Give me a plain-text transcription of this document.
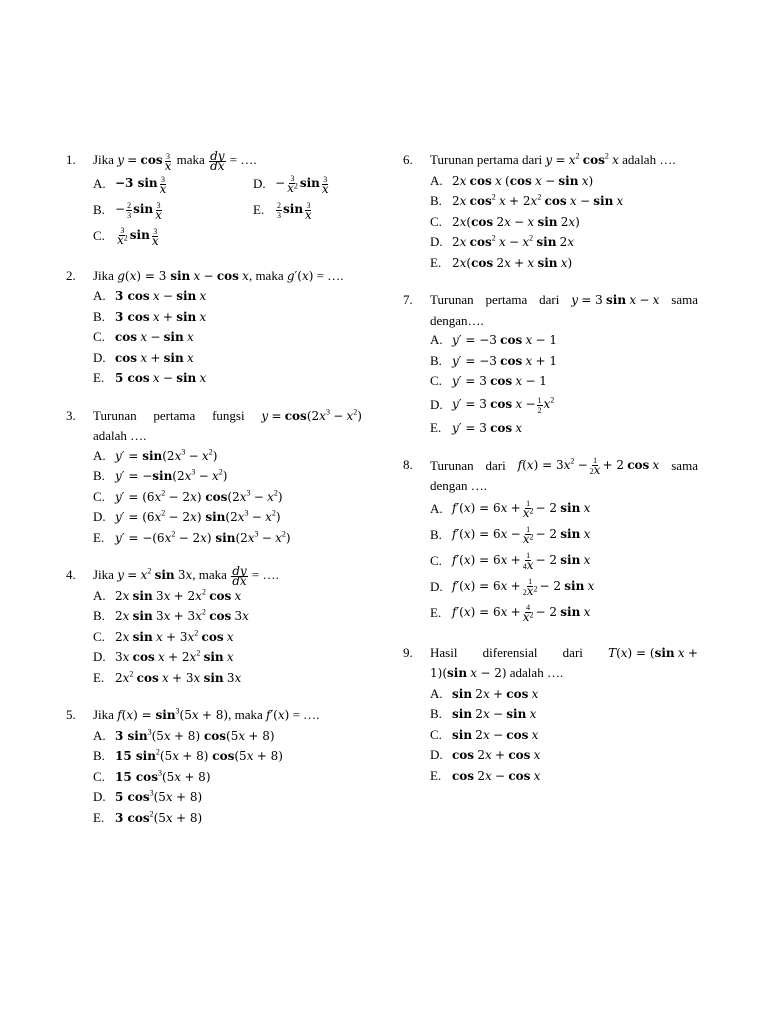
1.	Jika y = cos 3
x maka $\frac{dy}{dx}$ = ….
A. −3 sin 3
x	D. − $\frac{3}{x^2}$ sin 3
x
B. − $\frac{2}{3}$ sin 3
x	E.	$\frac{2}{3}$ sin 3
x
C.	$\frac{3}{x^2}$ sin 3
x
2.	Jika g(x) = 3 sin x − cos x, maka g′(x) = ….
A. 3 cos x − sin x
B. 3 cos x + sin x
C. cos x − sin x
D. cos x + sin x
E. 5 cos x − sin x
3.	Turunan pertama fungsi $y = \cos(2x^3 - x^2)$
adalah ….
A. $y' = \sin(2x^3 - x^2)$
B. $y' = -\sin(2x^3 - x^2)$
C. $y' = (6x^2 - 2x) \cos(2x^3 - x^2)$
D. $y' = (6x^2 - 2x) \sin(2x^3 - x^2)$
E. $y' = -(6x^2 - 2x) \sin(2x^3 - x^2)$
4.	Jika $y = x^2$ sin 3x, maka $\frac{dy}{dx}$ = ….
A. 2x $\sin 3x + 2x^2$ cos x
B. 2x $\sin 3x + 3x^2$ cos 3x
C. 2x $\sin x + 3x^2$ cos x
D. 3x $\cos x + 2x^2$ sin x
E. $2x^2$ cos x + 3x sin 3x
5.	Jika $f(x) = \sin^3(5x + 8)$, maka f′(x) = ….
A. 3 $\sin^3(5x + 8) \cos(5x + 8)$
B. 15 $\sin^2(5x + 8) \cos(5x + 8)$
C. 15 $\cos^3(5x + 8)$
D. 5 $\cos^3(5x + 8)$
E. 3 $\cos^2(5x + 8)$
6.	Turunan pertama dari $y = x^2$ $\cos^2 x$ adalah ….
A. 2x cos x (cos x − sin x)
B. 2x $\cos^2 x + 2x^2$ cos x − sin x
C. 2x(cos 2x − x sin 2x)
D. 2x $\cos^2 x - x^2$ sin 2x
E. 2x(cos 2x + x sin x)
7.	Turunan pertama dari y = 3 sin x − x sama
dengan….
A. y′ = −3 cos x − 1
B. y′ = −3 cos x + 1
C. y′ = 3 cos x − 1
D. y′ = 3 $\cos x - \frac{1}{2} x^2$
E. y′ = 3 cos x
8.	Turunan dari $f(x) = 3x^2 - \frac{1}{2x} + 2$ cos x sama
dengan ….
A. $f'(x) = 6x + \frac{1}{x^2} - 2$ sin x
B. $f'(x) = 6x - \frac{1}{x^2} - 2$ sin x
C. $f'(x) = 6x + \frac{1}{4x} - 2$ sin x
D. $f'(x) = 6x + \frac{1}{2x^2} - 2$ sin x
E. $f'(x) = 6x + \frac{4}{x^2} - 2$ sin x
9.	Hasil diferensial dari T(x) = (sin x +
1)(sin x − 2) adalah ….
A. sin 2x + cos x
B. sin 2x − sin x
C. sin 2x − cos x
D. cos 2x + cos x
E. cos 2x − cos x
